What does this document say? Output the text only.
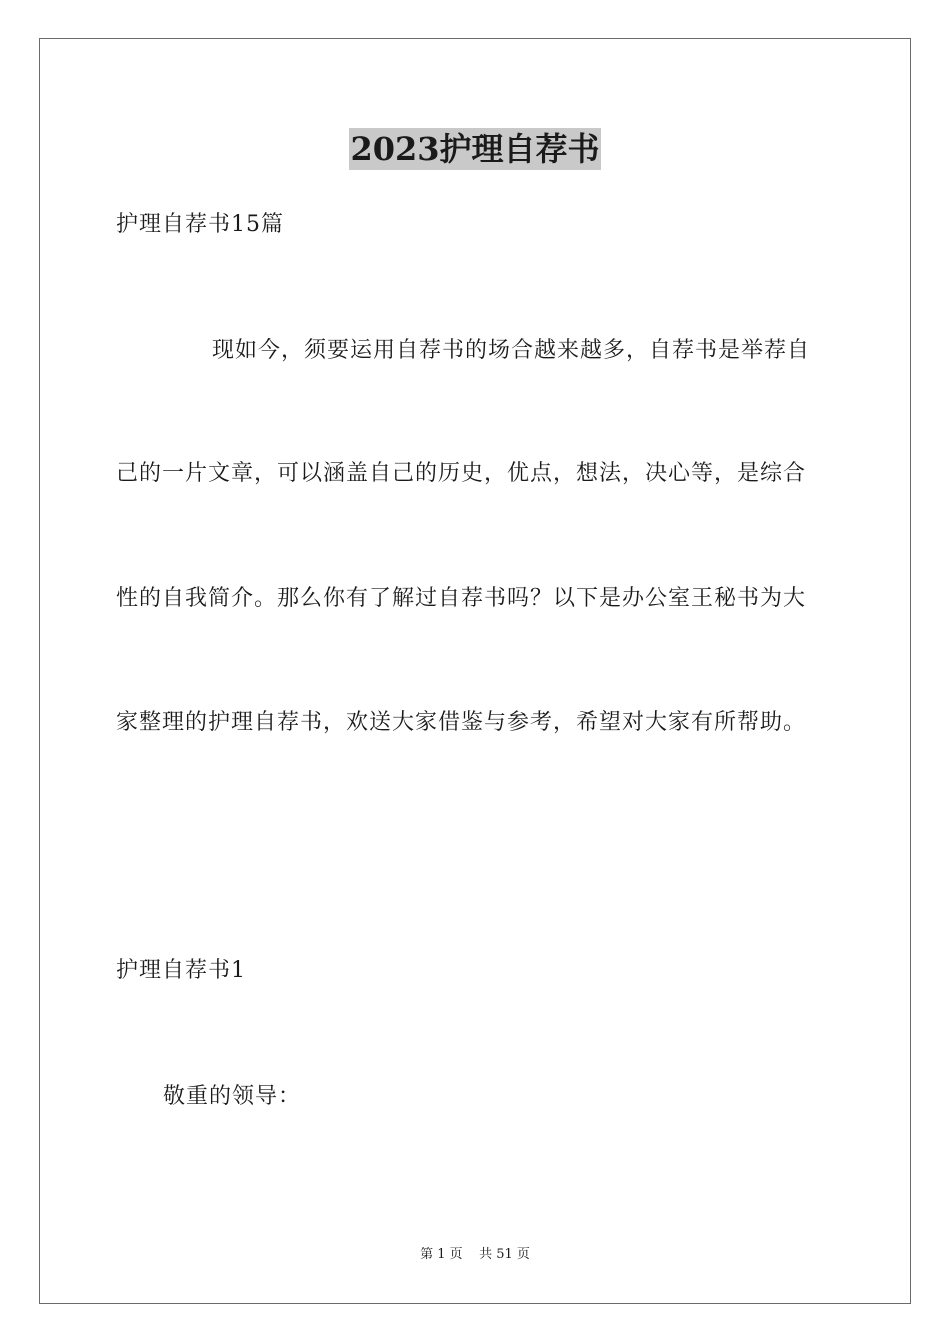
2023护理自荐书
护理自荐书15篇
现如今，须要运用自荐书的场合越来越多，自荐书是举荐自
己的一片文章，可以涵盖自己的历史，优点，想法，决心等，是综合
性的自我简介。那么你有了解过自荐书吗？以下是办公室王秘书为大
家整理的护理自荐书，欢送大家借鉴与参考，希望对大家有所帮助。
护理自荐书1
敬重的领导：
第 1 页    共 51 页
